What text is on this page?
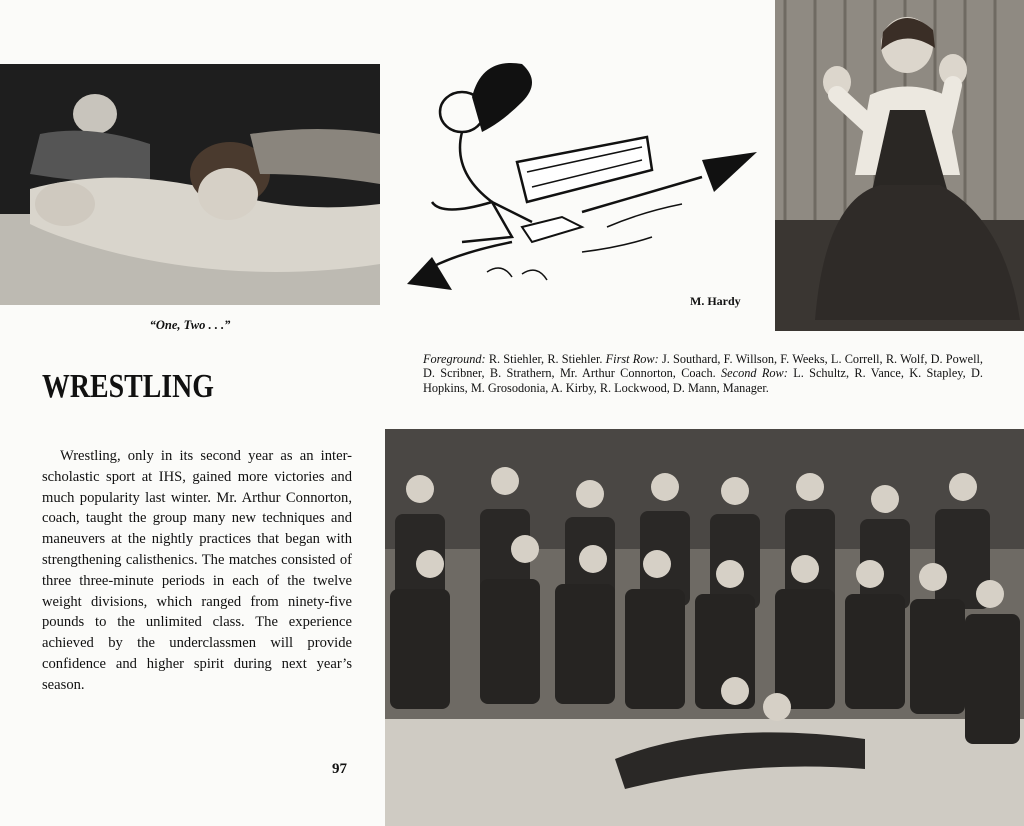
“One, Two . . .”
M. Hardy
WRESTLING

Wrestling, only in its second year as an inter-scholastic sport at IHS, gained more victories and much popularity last winter. Mr. Arthur Connorton, coach, taught the group many new techniques and maneuvers at the nightly practices that began with strengthening calisthenics. The matches consisted of three three-minute periods in each of the twelve weight divisions, which ranged from ninety-five pounds to the unlimited class. The experience achieved by the underclassmen will provide confidence and higher spirit during next year’s season.

97

Foreground: R. Stiehler, R. Stiehler. First Row: J. Southard, F. Willson, F. Weeks, L. Correll, R. Wolf, D. Powell, D. Scribner, B. Strathern, Mr. Arthur Connorton, Coach. Second Row: L. Schultz, R. Vance, K. Stapley, D. Hopkins, M. Grosodonia, A. Kirby, R. Lockwood, D. Mann, Manager.
